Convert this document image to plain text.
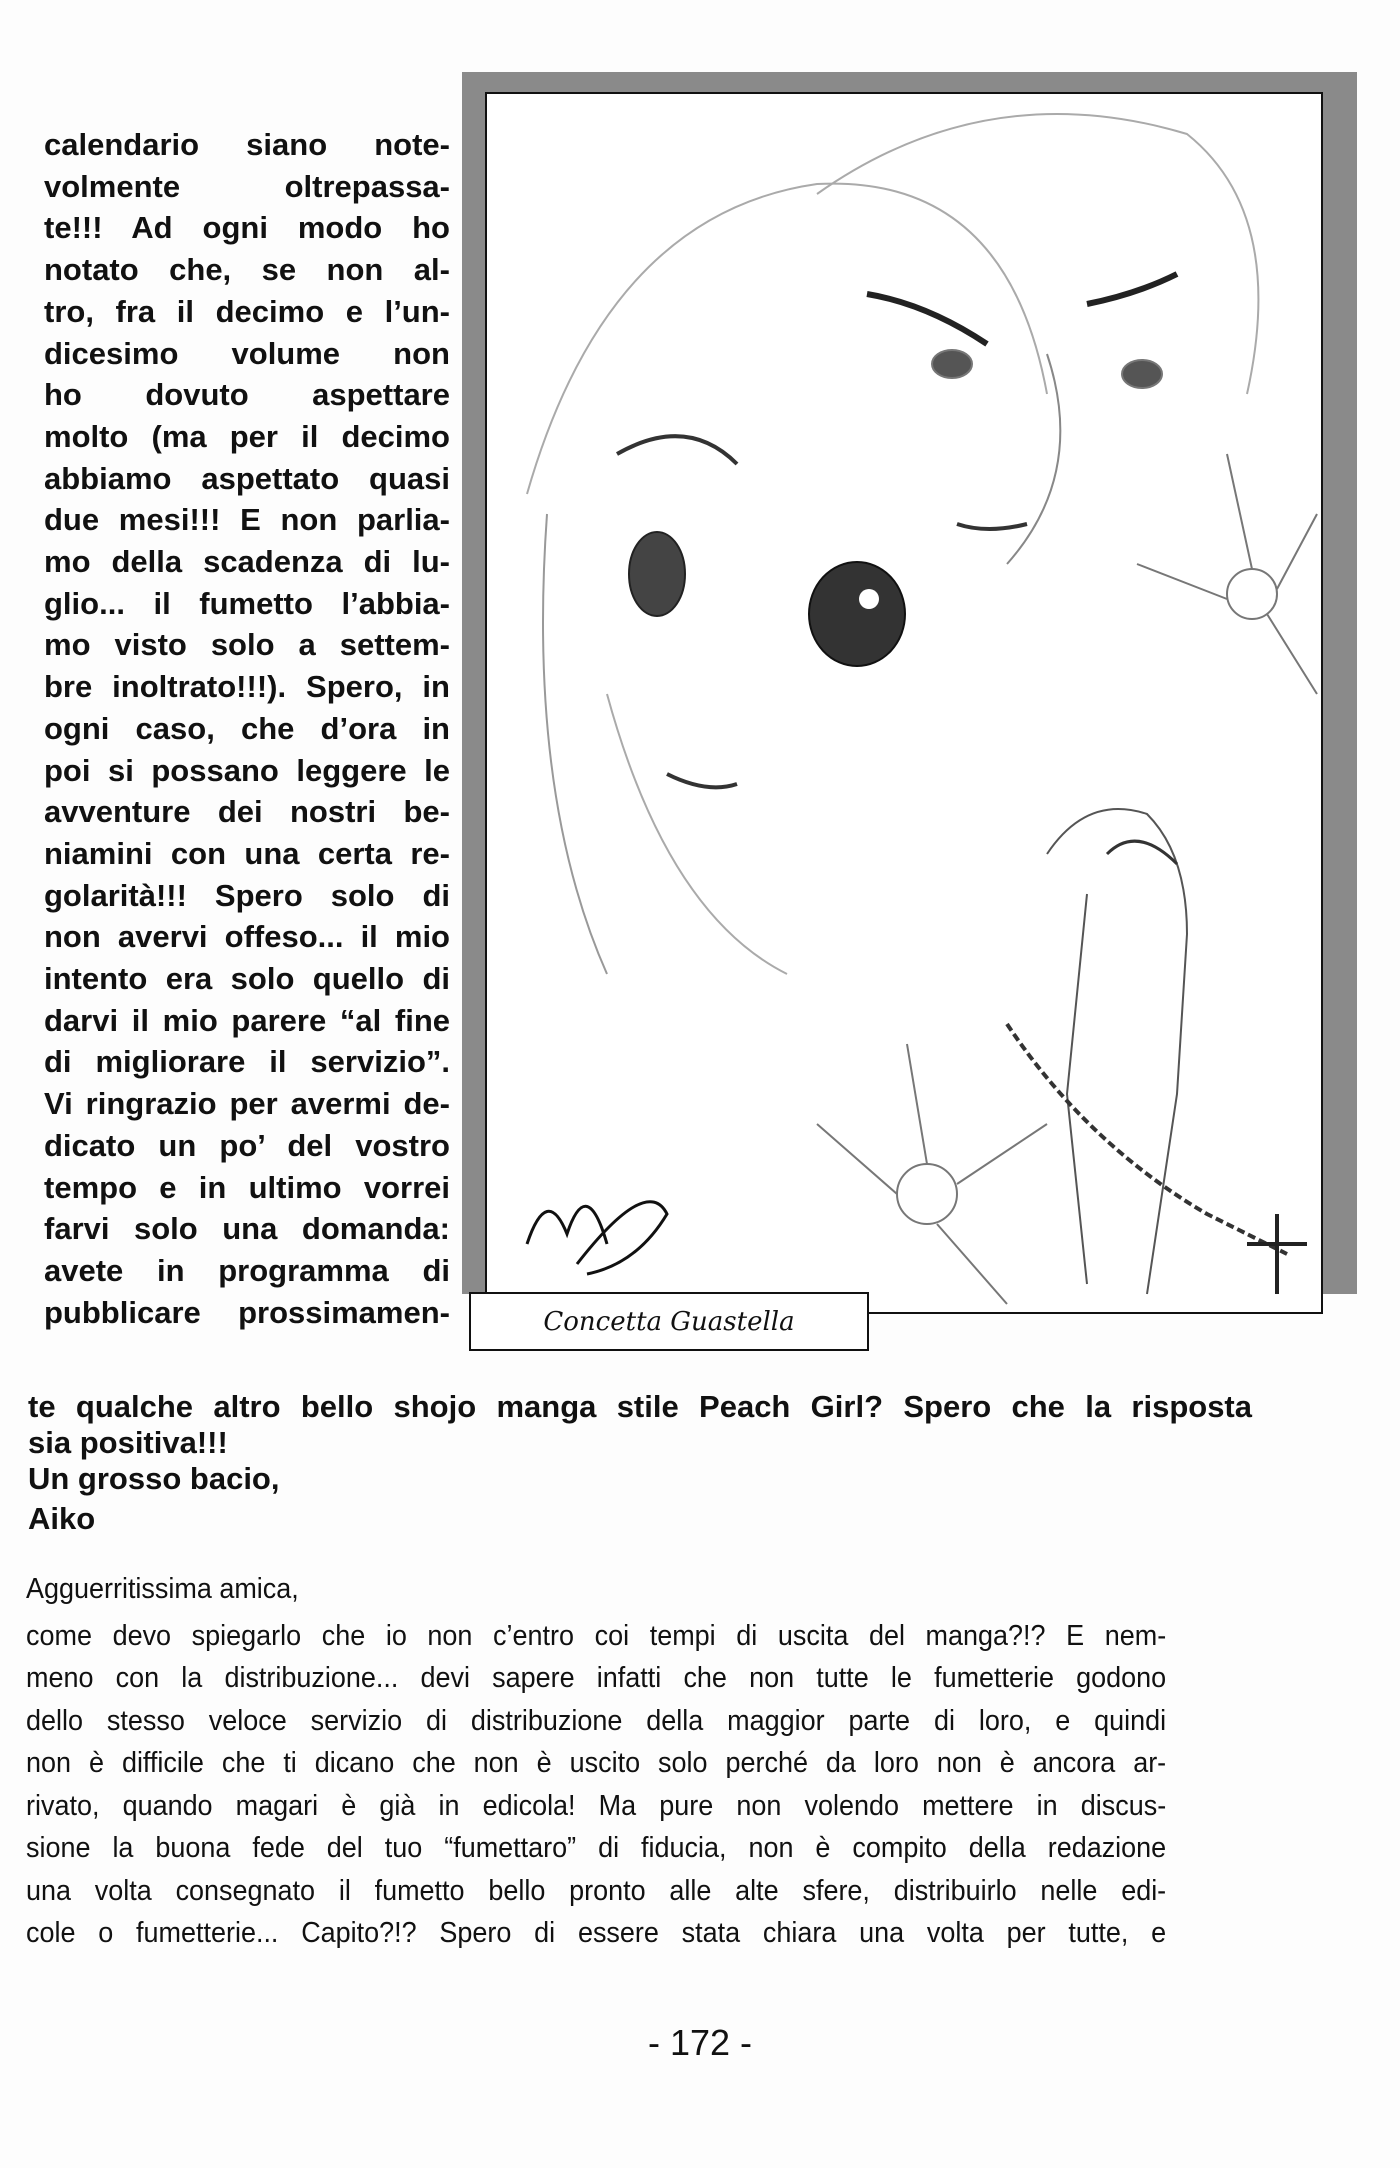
calendario siano note-
volmente oltrepassa-
te!!! Ad ogni modo ho
notato che, se non al-
tro, fra il decimo e l’un-
dicesimo volume non
ho dovuto aspettare
molto (ma per il decimo
abbiamo aspettato quasi
due mesi!!! E non parlia-
mo della scadenza di lu-
glio... il fumetto l’abbia-
mo visto solo a settem-
bre inoltrato!!!). Spero, in
ogni caso, che d’ora in
poi si possano leggere le
avventure dei nostri be-
niamini con una certa re-
golarità!!! Spero solo di
non avervi offeso... il mio
intento era solo quello di
darvi il mio parere “al fine
di migliorare il servizio”.
Vi ringrazio per avermi de-
dicato un po’ del vostro
tempo e in ultimo vorrei
farvi solo una domanda:
avete in programma di
pubblicare prossimamen-	Concetta Guastella
te qualche altro bello shojo manga stile Peach Girl? Spero che la risposta
sia positiva!!!
Un grosso bacio,
Aiko
Agguerritissima amica,
come devo spiegarlo che io non c’entro coi tempi di uscita del manga?!? E nem-
meno con la distribuzione... devi sapere infatti che non tutte le fumetterie godono
dello stesso veloce servizio di distribuzione della maggior parte di loro, e quindi
non è difficile che ti dicano che non è uscito solo perché da loro non è ancora ar-
rivato, quando magari è già in edicola! Ma pure non volendo mettere in discus-
sione la buona fede del tuo “fumettaro” di fiducia, non è compito della redazione
una volta consegnato il fumetto bello pronto alle alte sfere, distribuirlo nelle edi-
cole o fumetterie... Capito?!? Spero di essere stata chiara una volta per tutte, e
- 172 -
